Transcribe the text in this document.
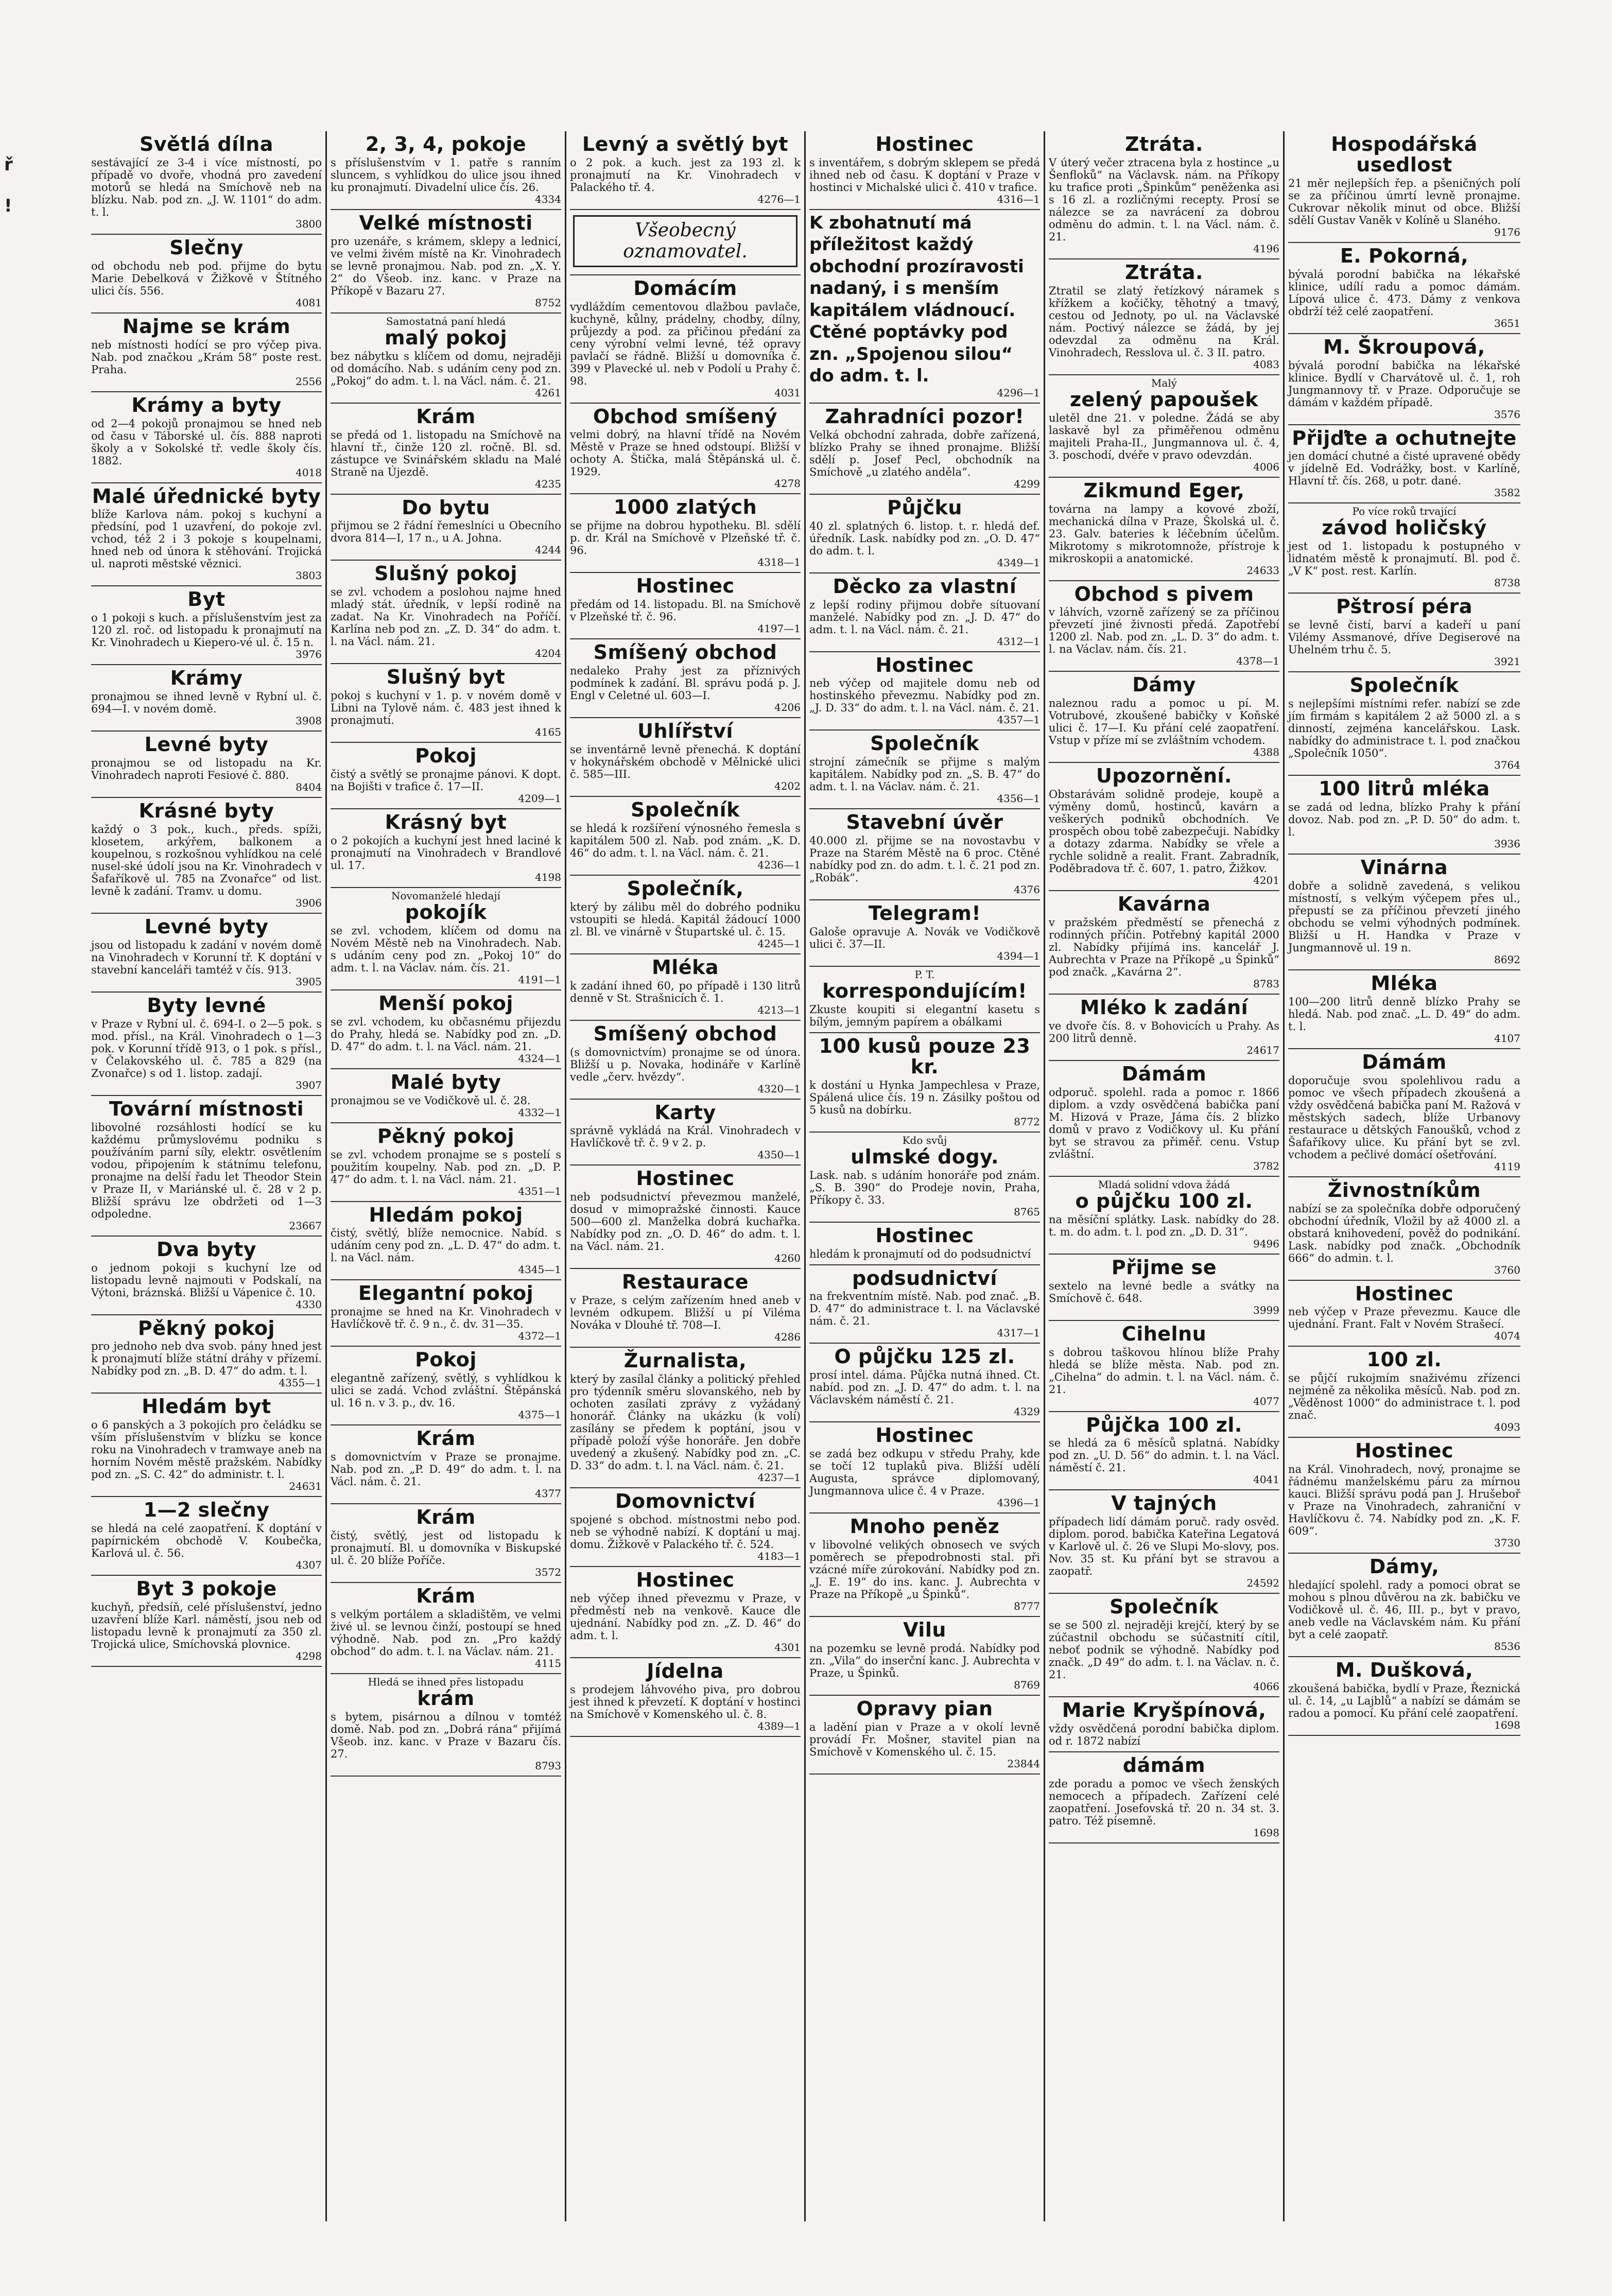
ř
!
Světlá dílna
sestávající ze 3-4 i více místností, po případě vo dvoře, vhodná pro zavedení motorů se hledá na Smíchově neb na blízku. Nab. pod zn. „J. W. 1101“ do adm. t. l.
3800
Slečny
od obchodu neb pod. přijme do bytu Marie Debelková v Žižkově v Štítného ulici čís. 556.
4081
Najme se krám
neb místnosti hodící se pro výčep piva. Nab. pod značkou „Krám 58“ poste rest. Praha.
2556
Krámy a byty
od 2—4 pokojů pronajmou se hned neb od času v Táborské ul. čís. 888 naproti školy a v Sokolské tř. vedle školy čís. 1882.
4018
Malé úřednické byty
blíže Karlova nám. pokoj s kuchyní a předsíní, pod 1 uzavření, do pokoje zvl. vchod, též 2 i 3 pokoje s koupelnami, hned neb od února k stěhování. Trojická ul. naproti městské věznici.
3803
Byt
o 1 pokoji s kuch. a příslušenstvím jest za 120 zl. roč. od listopadu k pronajmutí na Kr. Vinohradech u Kiepero-vé ul. č. 15 n.
3976
Krámy
pronajmou se ihned levně v Rybní ul. č. 694—I. v novém domě.
3908
Levné byty
pronajmou se od listopadu na Kr. Vinohradech naproti Fesiové č. 880.
8404
Krásné byty
každý o 3 pok., kuch., předs. spíži, klosetem, arkýřem, balkonem a koupelnou, s rozkošnou vyhlídkou na celé nusel-ské údolí jsou na Kr. Vinohradech v Šafaříkově ul. 785 na Zvonařce“ od list. levně k zadání. Tramv. u domu.
3906
Levné byty
jsou od listopadu k zadání v novém domě na Vinohradech v Korunní tř. K doptání v stavební kanceláři tamtéž v čís. 913.
3905
Byty levné
v Praze v Rybní ul. č. 694-I. o 2—5 pok. s mod. přísl., na Král. Vinohradech o 1—3 pok. v Korunní třídě 913, o 1 pok. s přísl., v Čelakovského ul. č. 785 a 829 (na Zvonařce) s od 1. listop. zadají.
3907
Tovární místnosti
libovolné rozsáhlosti hodící se ku každému průmyslovému podniku s používáním parní síly, elektr. osvětlením vodou, připojením k státnímu telefonu, pronajme na delší řadu let Theodor Stein v Praze II, v Mariánské ul. č. 28 v 2 p. Bližší správu lze obdržeti od 1—3 odpoledne.
23667
Dva byty
o jednom pokoji s kuchyní lze od listopadu levně najmouti v Podskalí, na Výtoni, bráznská. Bližší u Vápenice č. 10.
4330
Pěkný pokoj
pro jednoho neb dva svob. pány hned jest k pronajmutí blíže státní dráhy v přízemí. Nabídky pod zn. „B. D. 47“ do adm. t. l.
4355—1
Hledám byt
o 6 panských a 3 pokojích pro čeládku se vším příslušenstvím v blízku se konce roku na Vinohradech v tramwaye aneb na horním Novém městě pražském. Nabídky pod zn. „S. C. 42“ do administr. t. l.
24631
1—2 slečny
se hledá na celé zaopatření. K doptání v papírnickém obchodě V. Koubečka, Karlová ul. č. 56.
4307
Byt 3 pokoje
kuchyň, předsíň, celé příslušenství, jedno uzavření blíže Karl. náměstí, jsou neb od listopadu levně k pronajmutí za 350 zl. Trojická ulice, Smíchovská plovnice.
4298
2, 3, 4, pokoje
s příslušenstvím v 1. patře s ranním sluncem, s vyhlídkou do ulice jsou ihned ku pronajmutí. Divadelní ulice čís. 26.
4334
Velké místnosti
pro uzenáře, s krámem, sklepy a lednicí, ve velmi živém místě na Kr. Vinohradech se levně pronajmou. Nab. pod zn. „X. Y. 2“ do Všeob. inz. kanc. v Praze na Příkopě v Bazaru 27.
8752
Samostatná paní hledá
malý pokoj
bez nábytku s klíčem od domu, nejraději od domácího. Nab. s udáním ceny pod zn. „Pokoj“ do adm. t. l. na Václ. nám. č. 21.
4261
Krám
se předá od 1. listopadu na Smíchově na hlavní tř., činže 120 zl. ročně. Bl. sd. zástupce ve Svinářském skladu na Malé Straně na Újezdě.
4235
Do bytu
přijmou se 2 řádní řemeslníci u Obecního dvora 814—I, 17 n., u A. Johna.
4244
Slušný pokoj
se zvl. vchodem a poslohou najme hned mladý stát. úředník, v lepší rodině na zadat. Na Kr. Vinohradech na Poříčí. Karlína neb pod zn. „Z. D. 34“ do adm. t. l. na Václ. nám. 21.
4204
Slušný byt
pokoj s kuchyní v 1. p. v novém domě v Libni na Tylově nám. č. 483 jest ihned k pronajmutí.
4165
Pokoj
čistý a světlý se pronajme pánovi. K dopt. na Bojišti v trafice č. 17—II.
4209—1
Krásný byt
o 2 pokojích a kuchyní jest hned laciné k pronajmutí na Vinohradech v Brandlové ul. 17.
4198
Novomanželé hledají
pokojík
se zvl. vchodem, klíčem od domu na Novém Městě neb na Vinohradech. Nab. s udáním ceny pod zn. „Pokoj 10“ do adm. t. l. na Václav. nám. čís. 21.
4191—1
Menší pokoj
se zvl. vchodem, ku občasnému přijezdu do Prahy, hledá se. Nabídky pod zn. „D. D. 47“ do adm. t. l. na Václ. nám. 21.
4324—1
Malé byty
pronajmou se ve Vodičkově ul. č. 28.
4332—1
Pěkný pokoj
se zvl. vchodem pronajme se s postelí s použitím koupelny. Nab. pod zn. „D. P. 47“ do adm. t. l. na Václ. nám. 21.
4351—1
Hledám pokoj
čistý, světlý, blíže nemocnice. Nabíd. s udáním ceny pod zn. „L. D. 47“ do adm. t. l. na Václ. nám.
4345—1
Elegantní pokoj
pronajme se hned na Kr. Vinohradech v Havlíčkově tř. č. 9 n., č. dv. 31—35.
4372—1
Pokoj
elegantně zařízený, světlý, s vyhlídkou k ulici se zadá. Vchod zvláštní. Štěpánská ul. 16 n. v 3. p., dv. 16.
4375—1
Krám
s domovnictvím v Praze se pronajme. Nab. pod zn. „P. D. 49“ do adm. t. l. na Václ. nám. č. 21.
4377
Krám
čistý, světlý, jest od listopadu k pronajmutí. Bl. u domovníka v Biskupské ul. č. 20 blíže Poříče.
3572
Krám
s velkým portálem a skladištěm, ve velmi živé ul. se levnou činží, postoupí se hned výhodně. Nab. pod zn. „Pro každý obchod“ do adm. t. l. na Václav. nám. 21.
4115
Hledá se ihned přes listopadu
krám
s bytem, pisárnou a dílnou v tomtéž domě. Nab. pod zn. „Dobrá rána“ přijímá Všeob. inz. kanc. v Praze v Bazaru čís. 27.
8793
Levný a světlý byt
o 2 pok. a kuch. jest za 193 zl. k pronajmutí na Kr. Vinohradech v Palackého tř. 4.
4276—1
Všeobecný oznamovatel.
Domácím
vydláždím cementovou dlažbou pavlače, kuchyně, kůlny, prádelny, chodby, dílny, průjezdy a pod. za přičinou předání za ceny výrobní velmi levné, též opravy pavlačí se řádně. Bližší u domovníka č. 399 v Plavecké ul. neb v Podolí u Prahy č. 98.
4031
Obchod smíšený
velmi dobrý, na hlavní třídě na Novém Městě v Praze se hned odstoupí. Bližší v ochoty A. Štička, malá Štěpánská ul. č. 1929.
4278
1000 zlatých
se přijme na dobrou hypotheku. Bl. sdělí p. dr. Král na Smíchově v Plzeňské tř. č. 96.
4318—1
Hostinec
předám od 14. listopadu. Bl. na Smíchově v Plzeňské tř. č. 96.
4197—1
Smíšený obchod
nedaleko Prahy jest za příznivých podmínek k zadání. Bl. správu podá p. J. Engl v Celetné ul. 603—I.
4206
Uhlířství
se inventárně levně přenechá. K doptání v hokynářském obchodě v Mělnické ulici č. 585—III.
4202
Společník
se hledá k rozšíření výnosného řemesla s kapitálem 500 zl. Nab. pod znám. „K. D. 46“ do adm. t. l. na Václ. nám. č. 21.
4236—1
Společník,
který by zálibu měl do dobrého podniku vstoupiti se hledá. Kapitál žádoucí 1000 zl. Bl. ve vinárně v Štupartské ul. č. 15.
4245—1
Mléka
k zadání ihned 60, po případě i 130 litrů denně v St. Strašnicích č. 1.
4213—1
Smíšený obchod
(s domovnictvím) pronajme se od února. Bližší u p. Novaka, hodináře v Karlíně vedle „červ. hvězdy“.
4320—1
Karty
správně vykládá na Král. Vinohradech v Havlíčkově tř. č. 9 v 2. p.
4350—1
Hostinec
neb podsudnictví převezmou manželé, dosud v mimopražské činnosti. Kauce 500—600 zl. Manželka dobrá kuchařka. Nabídky pod zn. „O. D. 46“ do adm. t. l. na Václ. nám. 21.
4260
Restaurace
v Praze, s celým zařízením hned aneb v levném odkupem. Bližší u pí Viléma Nováka v Dlouhé tř. 708—I.
4286
Žurnalista,
který by zasílal články a politický přehled pro týdenník směru slovanského, neb by ochoten zasílati zprávy z vyžádaný honorář. Články na ukázku (k volí) zasílány se předem k poptání, jsou v případě položí výše honoráře. Jen dobře uvedený a zkušený. Nabídky pod zn. „C. D. 33“ do adm. t. l. na Václ. nám. č. 21.
4237—1
Domovnictví
spojené s obchod. místnostmi nebo pod. neb se výhodně nabízí. K doptání u maj. domu. Žižkově v Palackého tř. č. 524.
4183—1
Hostinec
neb výčep ihned převezmu v Praze, v předměstí neb na venkově. Kauce dle ujednání. Nabídky pod zn. „Z. D. 46“ do adm. t. l.
4301
Jídelna
s prodejem láhvového piva, pro dobrou jest ihned k převzetí. K doptání v hostinci na Smíchově v Komenského ul. č. 8.
4389—1
Hostinec
s inventářem, s dobrým sklepem se předá ihned neb od času. K doptání v Praze v hostinci v Michalské ulici č. 410 v trafice.
4316—1
K zbohatnutí má příležitost každý obchodní prozíravosti nadaný, i s menším kapitálem vládnoucí. Ctěné poptávky pod zn. „Spojenou silou“ do adm. t. l.
4296—1
Zahradníci pozor!
Velká obchodní zahrada, dobře zařízená, blízko Prahy se ihned pronajme. Bližší sdělí p. Josef Pecl, obchodník na Smíchově „u zlatého anděla“.
4299
Půjčku
40 zl. splatných 6. listop. t. r. hledá def. úředník. Lask. nabídky pod zn. „O. D. 47“ do adm. t. l.
4349—1
Děcko za vlastní
z lepší rodiny přijmou dobře sítuovaní manželé. Nabídky pod zn. „J. D. 47“ do adm. t. l. na Václ. nám. č. 21.
4312—1
Hostinec
neb výčep od majitele domu neb od hostinského převezmu. Nabídky pod zn. „J. D. 33“ do adm. t. l. na Václ. nám. č. 21.
4357—1
Společník
strojní zámečník se přijme s malým kapitálem. Nabídky pod zn. „S. B. 47“ do adm. t. l. na Václav. nám. č. 21.
4356—1
Stavební úvěr
40.000 zl. přijme se na novostavbu v Praze na Starém Městě na 6 proc. Ctěné nabídky pod zn. do adm. t. l. č. 21 pod zn. „Robák“.
4376
Telegram!
Galoše opravuje A. Novák ve Vodičkově ulici č. 37—II.
4394—1
P. T.
korrespondujícím!
Zkuste koupiti si elegantní kasetu s bílým, jemným papírem a obálkami
100 kusů pouze 23 kr.
k dostání u Hynka Jampechlesa v Praze, Spálená ulice čís. 19 n. Zásilky poštou od 5 kusů na dobírku.
8772
Kdo svůj
ulmské dogy.
Lask. nab. s udáním honoráře pod znám. „S. B. 390“ do Prodeje novin, Praha, Příkopy č. 33.
8765
Hostinec
hledám k pronajmutí od do podsudnictví
podsudnictví
na frekventním místě. Nab. pod znač. „B. D. 47“ do administrace t. l. na Václavské nám. č. 21.
4317—1
O půjčku 125 zl.
prosí intel. dáma. Půjčka nutná ihned. Ct. nabíd. pod zn. „J. D. 47“ do adm. t. l. na Václavském náměstí č. 21.
4329
Hostinec
se zadá bez odkupu v středu Prahy, kde se točí 12 tuplaků piva. Bližší udělí Augusta, správce diplomovaný, Jungmannova ulice č. 4 v Praze.
4396—1
Mnoho peněz
v libovolné velikých obnosech ve svých poměrech se přepodrobnosti stal. při vzácné míře zúrokování. Nabídky pod zn. „J. E. 19“ do ins. kanc. J. Aubrechta v Praze na Příkopě „u Špinků“.
8777
Vilu
na pozemku se levně prodá. Nabídky pod zn. „Vila“ do inserční kanc. J. Aubrechta v Praze, u Špinků.
8769
Opravy pian
a ladění pian v Praze a v okolí levně provádí Fr. Mošner, stavitel pian na Smíchově v Komenského ul. č. 15.
23844
Ztráta.
V úterý večer ztracena byla z hostince „u Šenfloků“ na Václavsk. nám. na Příkopy ku trafice proti „Špinkům“ peněženka asi s 16 zl. a rozličnými recepty. Prosí se nálezce se za navrácení za dobrou odměnu do admin. t. l. na Václ. nám. č. 21.
4196
Ztráta.
Ztratil se zlatý řetízkový náramek s křížkem a kočičky, těhotný a tmavý, cestou od Jednoty, po ul. na Václavské nám. Poctivý nálezce se žádá, by jej odevzdal za odměnu na Král. Vinohradech, Resslova ul. č. 3 II. patro.
4083
Malý
zelený papoušek
uletěl dne 21. v poledne. Žádá se aby laskavě byl za přiměřenou odměnu majiteli Praha-II., Jungmannova ul. č. 4, 3. poschodí, dvéře v pravo odevzdán.
4006
Zikmund Eger,
továrna na lampy a kovové zboží, mechanická dílna v Praze, Školská ul. č. 23. Galv. bateries k léčebním účelům. Mikrotomy s mikrotomnože, přístroje k mikroskopii a anatomické.
24633
Obchod s pivem
v láhvích, vzorně zařízený se za příčinou převzetí jiné živnosti předá. Zapotřebí 1200 zl. Nab. pod zn. „L. D. 3“ do adm. t. l. na Václav. nám. čís. 21.
4378—1
Dámy
naleznou radu a pomoc u pí. M. Votrubové, zkoušené babičky v Koňské ulici č. 17—I. Ku přání celé zaopatření. Vstup v příze mí se zvláštním vchodem.
4388
Upozornění.
Obstarávám solidně prodeje, koupě a výměny domů, hostinců, kavárn a veškerých podniků obchodních. Ve prospěch obou tobě zabezpečuji. Nabídky a dotazy zdarma. Nabídky se vřele a rychle solidně a realit. Frant. Zabradník, Poděbradova tř. č. 607, 1. patro, Žižkov.
4201
Kavárna
v pražském předměstí se přenechá z rodinných příčin. Potřebný kapitál 2000 zl. Nabídky přijímá ins. kancelář J. Aubrechta v Praze na Příkopě „u Špinků“ pod značk. „Kavárna 2“.
8783
Mléko k zadání
ve dvoře čís. 8. v Bohovicích u Prahy. As 200 litrů denně.
24617
Dámám
odporuč. spolehl. rada a pomoc r. 1866 diplom. a vzdy osvědčená babička paní M. Hizová v Praze, Jáma čís. 2 blízko domů v pravo z Vodičkovy ul. Ku přání byt se stravou za přiměř. cenu. Vstup zvláštní.
3782
Mladá solidní vdova žádá
o půjčku 100 zl.
na měsíční splátky. Lask. nabídky do 28. t. m. do adm. t. l. pod zn. „D. D. 31“.
9496
Přijme se
sextelo na levné bedle a svátky na Smíchově č. 648.
3999
Cihelnu
s dobrou taškovou hlínou blíže Prahy hledá se blíže města. Nab. pod zn. „Cihelna“ do admin. t. l. na Václ. nám. č. 21.
4077
Půjčka 100 zl.
se hledá za 6 měsíců splatná. Nabídky pod zn. „U. D. 56“ do admin. t. l. na Václ. náměstí č. 21.
4041
V tajných
případech lidí dámám poruč. rady osvěd. diplom. porod. babička Kateřina Legatová v Karlově ul. č. 26 ve Slupi Mo-slovy, pos. Nov. 35 st. Ku přání byt se stravou a zaopatř.
24592
Společník
se se 500 zl. nejraději krejčí, který by se zúčastnil obchodu se súčastnití cítil, neboť podnik se výhodně. Nabídky pod značk. „D 49“ do adm. t. l. na Václav. n. č. 21.
4066
Marie Kryšpínová,
vždy osvědčená porodní babička diplom. od r. 1872 nabízí
dámám
zde poradu a pomoc ve všech ženských nemocech a případech. Zařízení celé zaopatření. Josefovská tř. 20 n. 34 st. 3. patro. Též písemně.
1698
Hospodářská usedlost
21 měr nejlepších řep. a pšeničných polí se za příčinou úmrtí levně pronajme. Cukrovar několik minut od obce. Bližší sdělí Gustav Vaněk v Kolíně u Slaného.
9176
E. Pokorná,
bývalá porodní babička na lékařské klinice, udílí radu a pomoc dámám. Lípová ulice č. 473. Dámy z venkova obdrží též celé zaopatření.
3651
M. Škroupová,
bývalá porodní babička na lékařské klinice. Bydlí v Charvátově ul. č. 1, roh Jungmannovy tř. v Praze. Odporučuje se dámám v každém případě.
3576
Přijďte a ochutnejte
jen domácí chutné a čisté upravené obědy v jídelně Ed. Vodrážky, bost. v Karlíně, Hlavní tř. čís. 268, u potr. dané.
3582
Po více roků trvající
závod holičský
jest od 1. listopadu k postupného v lidnatém městě k pronajmutí. Bl. pod č. „V K“ post. rest. Karlín.
8738
Pštrosí péra
se levně čistí, barví a kadeří u paní Vilémy Assmanové, dříve Degiserové na Uhelném trhu č. 5.
3921
Společník
s nejlepšími místními refer. nabízí se zde jím firmám s kapitálem 2 až 5000 zl. a s dinností, zejména kancelářskou. Lask. nabídky do administrace t. l. pod značkou „Společník 1050“.
3764
100 litrů mléka
se zadá od ledna, blízko Prahy k přání dovoz. Nab. pod zn. „P. D. 50“ do adm. t. l.
3936
Vinárna
dobře a solidně zavedená, s velikou místností, s velkým výčepem přes ul., přepustí se za příčinou převzetí jiného obchodu se velmi výhodných podmínek. Bližší u H. Handka v Praze v Jungmannově ul. 19 n.
8692
Mléka
100—200 litrů denně blízko Prahy se hledá. Nab. pod znač. „L. D. 49“ do adm. t. l.
4107
Dámám
doporučuje svou spolehlivou radu a pomoc ve všech případech zkoušená a vždy osvědčená babička paní M. Ražová v městských sadech, blíže Urbanovy restaurace u dětských Fanoušků, vchod z Šafaříkovy ulice. Ku přání byt se zvl. vchodem a pečlivé domácí ošetřování.
4119
Živnostníkům
nabízí se za společníka dobře odporučený obchodní úředník, Vložil by až 4000 zl. a obstará knihovedení, pověž do podnikání. Lask. nabídky pod značk. „Obchodník 666“ do admin. t. l.
3760
Hostinec
neb výčep v Praze převezmu. Kauce dle ujednání. Frant. Falt v Novém Strašecí.
4074
100 zl.
se půjčí rukojmím snaživému zřízenci nejméně za několika měsíců. Nab. pod zn. „Věděnost 1000“ do administrace t. l. pod znač.
4093
Hostinec
na Král. Vinohradech, nový, pronajme se řádnému manželskému páru za mírnou kauci. Bližší správu podá pan J. Hrušeboř v Praze na Vinohradech, zahraniční v Havlíčkovu č. 74. Nabídky pod zn. „K. F. 609“.
3730
Dámy,
hledající spolehl. rady a pomoci obrat se mohou s plnou důvěrou na zk. babičku ve Vodičkově ul. č. 46, III. p., byt v pravo, aneb vedle na Václavském nám. Ku přání byt a celé zaopatř.
8536
M. Dušková,
zkoušená babička, bydlí v Praze, Řeznická ul. č. 14, „u Lajblů“ a nabízí se dámám se radou a pomocí. Ku přání celé zaopatření.
1698
